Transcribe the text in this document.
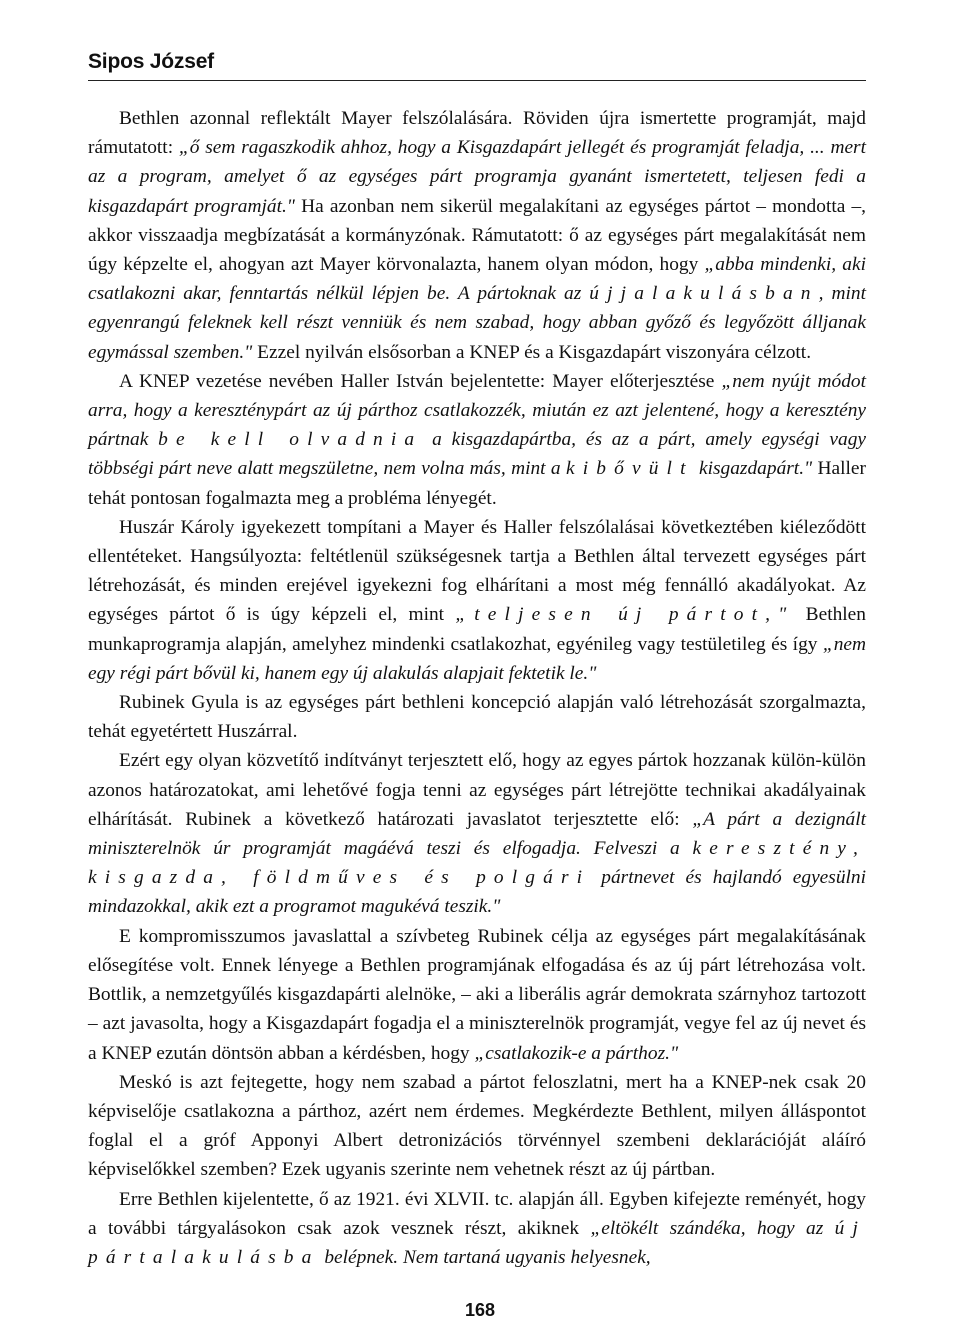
Sipos József

Bethlen azonnal reflektált Mayer felszólalására. Röviden újra ismertette programját, majd rámutatott: „ő sem ragaszkodik ahhoz, hogy a Kisgazdapárt jellegét és programját feladja, ... mert az a program, amelyet ő az egységes párt programja gyanánt ismertetett, teljesen fedi a kisgazdapárt programját." Ha azonban nem sikerül megalakítani az egységes pártot – mondotta –, akkor visszaadja megbízatását a kormányzónak. Rámutatott: ő az egységes párt megalakítását nem úgy képzelte el, ahogyan azt Mayer körvonalazta, hanem olyan módon, hogy „abba mindenki, aki csatlakozni akar, fenntartás nélkül lépjen be. A pártoknak az újjalakulásban, mint egyenrangú feleknek kell részt venniük és nem szabad, hogy abban győző és legyőzött álljanak egymással szemben." Ezzel nyilván elsősorban a KNEP és a Kisgazdapárt viszonyára célzott.

A KNEP vezetése nevében Haller István bejelentette: Mayer előterjesztése „nem nyújt módot arra, hogy a kereszténypárt az új párthoz csatlakozzék, miután ez azt jelentené, hogy a keresztény pártnak be kell olvadnia a kisgazdapártba, és az a párt, amely egységi vagy többségi párt neve alatt megszületne, nem volna más, mint a kibővült kisgazdapárt." Haller tehát pontosan fogalmazta meg a probléma lényegét.

Huszár Károly igyekezett tompítani a Mayer és Haller felszólalásai következtében kiéleződött ellentéteket. Hangsúlyozta: feltétlenül szükségesnek tartja a Bethlen által tervezett egységes párt létrehozását, és minden erejével igyekezni fog elhárítani a most még fennálló akadályokat. Az egységes pártot ő is úgy képzeli el, mint „teljesen új pártot," Bethlen munkaprogramja alapján, amelyhez mindenki csatlakozhat, egyénileg vagy testületileg és így „nem egy régi párt bővül ki, hanem egy új alakulás alapjait fektetik le."

Rubinek Gyula is az egységes párt bethleni koncepció alapján való létrehozását szorgalmazta, tehát egyetértett Huszárral.

Ezért egy olyan közvetítő indítványt terjesztett elő, hogy az egyes pártok hozzanak külön-külön azonos határozatokat, ami lehetővé fogja tenni az egységes párt létrejötte technikai akadályainak elhárítását. Rubinek a következő határozati javaslatot terjesztette elő: „A párt a dezignált miniszterelnök úr programját magáévá teszi és elfogadja. Felveszi a keresztény, kisgazda, földműves és polgári pártnevet és hajlandó egyesülni mindazokkal, akik ezt a programot magukévá teszik."

E kompromisszumos javaslattal a szívbeteg Rubinek célja az egységes párt megalakításának elősegítése volt. Ennek lényege a Bethlen programjának elfogadása és az új párt létrehozása volt. Bottlik, a nemzetgyűlés kisgazdapárti alelnöke, – aki a liberális agrár demokrata szárnyhoz tartozott – azt javasolta, hogy a Kisgazdapárt fogadja el a miniszterelnök programját, vegye fel az új nevet és a KNEP ezután döntsön abban a kérdésben, hogy „csatlakozik-e a párthoz."

Meskó is azt fejtegette, hogy nem szabad a pártot feloszlatni, mert ha a KNEP-nek csak 20 képviselője csatlakozna a párthoz, azért nem érdemes. Megkérdezte Bethlent, milyen álláspontot foglal el a gróf Apponyi Albert detronizációs törvénnyel szembeni deklarációját aláíró képviselőkkel szemben? Ezek ugyanis szerinte nem vehetnek részt az új pártban.

Erre Bethlen kijelentette, ő az 1921. évi XLVII. tc. alapján áll. Egyben kifejezte reményét, hogy a további tárgyalásokon csak azok vesznek részt, akiknek „eltökélt szándéka, hogy az új pártalakulásba belépnek. Nem tartaná ugyanis helyesnek,

168
